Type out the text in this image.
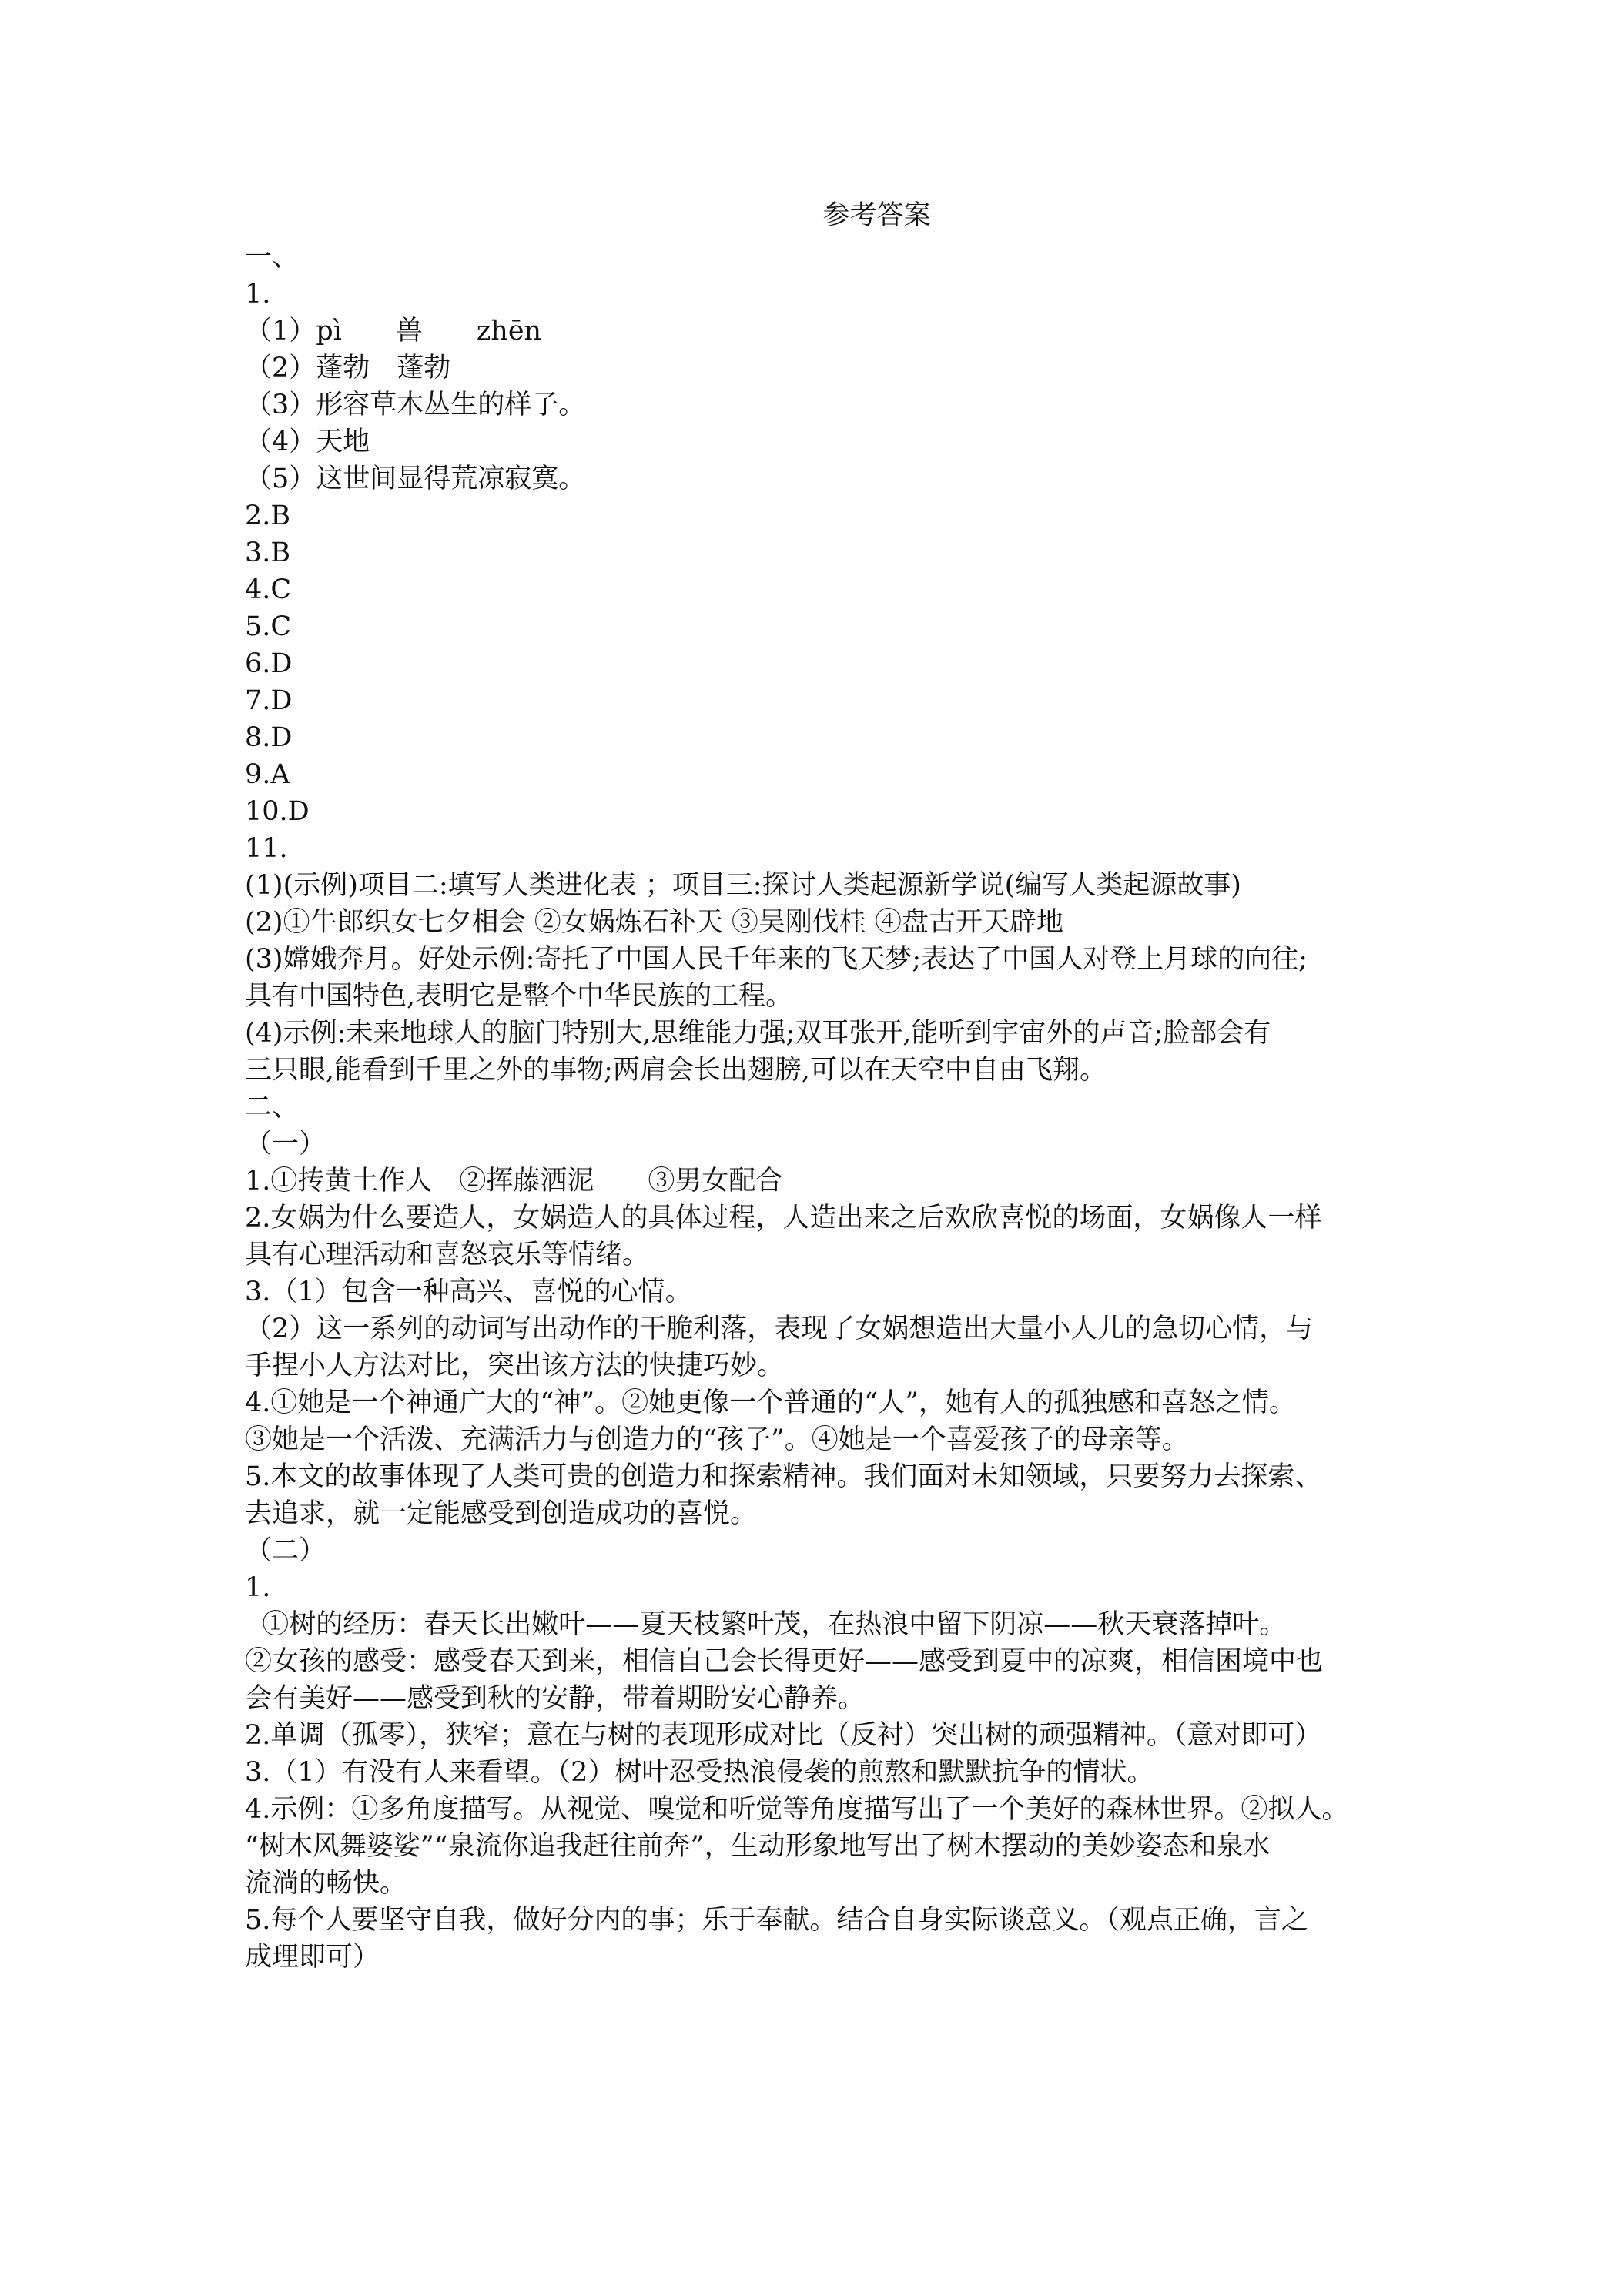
参考答案
一、
1.
（1）pì　　兽　　zhēn
（2）蓬勃　蓬勃
（3）形容草木丛生的样子。
（4）天地
（5）这世间显得荒凉寂寞。
2.B
3.B
4.C
5.C
6.D
7.D
8.D
9.A
10.D
11.
(1)(示例)项目二:填写人类进化表 ；项目三:探讨人类起源新学说(编写人类起源故事)
(2)①牛郎织女七夕相会 ②女娲炼石补天 ③吴刚伐桂 ④盘古开天辟地
(3)嫦娥奔月。好处示例:寄托了中国人民千年来的飞天梦;表达了中国人对登上月球的向往;
具有中国特色,表明它是整个中华民族的工程。
(4)示例:未来地球人的脑门特别大,思维能力强;双耳张开,能听到宇宙外的声音;脸部会有
三只眼,能看到千里之外的事物;两肩会长出翅膀,可以在天空中自由飞翔。
二、
（一）
1.①抟黄土作人　②挥藤洒泥　　③男女配合
2.女娲为什么要造人，女娲造人的具体过程，人造出来之后欢欣喜悦的场面，女娲像人一样
具有心理活动和喜怒哀乐等情绪。
3.（1）包含一种高兴、喜悦的心情。
（2）这一系列的动词写出动作的干脆利落，表现了女娲想造出大量小人儿的急切心情，与
手捏小人方法对比，突出该方法的快捷巧妙。
4.①她是一个神通广大的“神”。②她更像一个普通的“人”，她有人的孤独感和喜怒之情。
③她是一个活泼、充满活力与创造力的“孩子”。④她是一个喜爱孩子的母亲等。
5.本文的故事体现了人类可贵的创造力和探索精神。我们面对未知领域，只要努力去探索、
去追求，就一定能感受到创造成功的喜悦。
（二）
1.
①树的经历：春天长出嫩叶——夏天枝繁叶茂，在热浪中留下阴凉——秋天衰落掉叶。
②女孩的感受：感受春天到来，相信自己会长得更好——感受到夏中的凉爽，相信困境中也
会有美好——感受到秋的安静，带着期盼安心静养。
2.单调（孤零），狭窄；意在与树的表现形成对比（反衬）突出树的顽强精神。（意对即可）
3.（1）有没有人来看望。（2）树叶忍受热浪侵袭的煎熬和默默抗争的情状。
4.示例：①多角度描写。从视觉、嗅觉和听觉等角度描写出了一个美好的森林世界。②拟人。
“树木风舞婆娑”“泉流你追我赶往前奔”，生动形象地写出了树木摆动的美妙姿态和泉水
流淌的畅快。
5.每个人要坚守自我，做好分内的事；乐于奉献。结合自身实际谈意义。（观点正确，言之
成理即可）
